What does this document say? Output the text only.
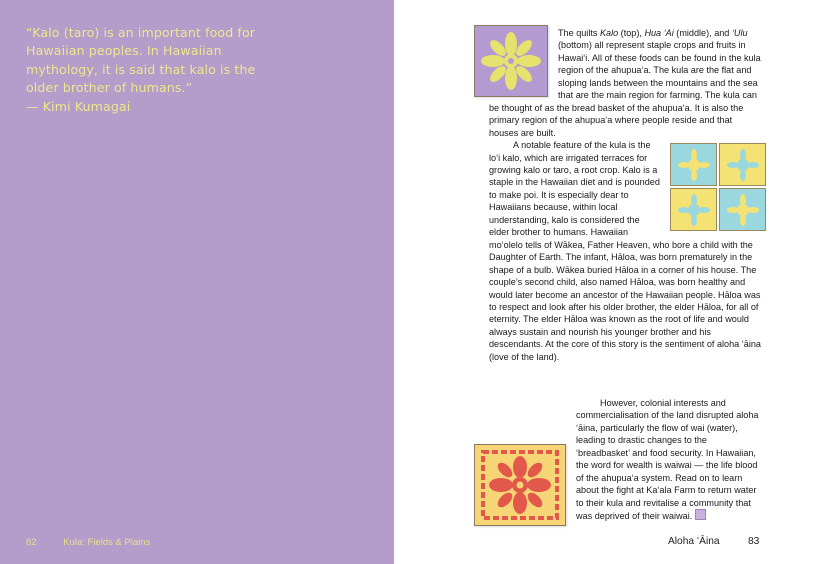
“Kalo (taro) is an important food for Hawaiian peoples. In Hawaiian mythology, it is said that kalo is the older brother of humans.”

— Kimi Kumagai

82	Kula: Fields & Plains

The quilts Kalo (top), Hua ʻAi (middle), and ʻUlu (bottom) all represent staple crops and fruits in Hawaiʻi. All of these foods can be found in the kula region of the ahupuaʻa. The kula are the flat and sloping lands between the mountains and the sea that are the main region for farming. The kula can be thought of as the bread basket of the ahupuaʻa. It is also the primary region of the ahupuaʻa where people reside and that houses are built.

A notable feature of the kula is the loʻi kalo, which are irrigated terraces for growing kalo or taro, a root crop. Kalo is a staple in the Hawaiian diet and is pounded to make poi. It is especially dear to Hawaiians because, within local understanding, kalo is considered the elder brother to humans. Hawaiian moʻolelo tells of Wākea, Father Heaven, who bore a child with the Daughter of Earth. The infant, Hāloa, was born prematurely in the shape of a bulb. Wākea buried Hāloa in a corner of his house. The couple’s second child, also named Hāloa, was born healthy and would later become an ancestor of the Hawaiian people. Hāloa was to respect and look after his older brother, the elder Hāloa, for all of eternity. The elder Hāloa was known as the root of life and would always sustain and nourish his younger brother and his descendants. At the core of this story is the sentiment of aloha ʻāina (love of the land).

However, colonial interests and commercialisation of the land disrupted aloha ʻāina, particularly the flow of wai (water), leading to drastic changes to the ‘breadbasket’ and food security. In Hawaiian, the word for wealth is waiwai — the life blood of the ahupuaʻa system. Read on to learn about the fight at Kaʻala Farm to return water to their kula and revitalise a community that was deprived of their waiwai.

Aloha ʻĀina	83
